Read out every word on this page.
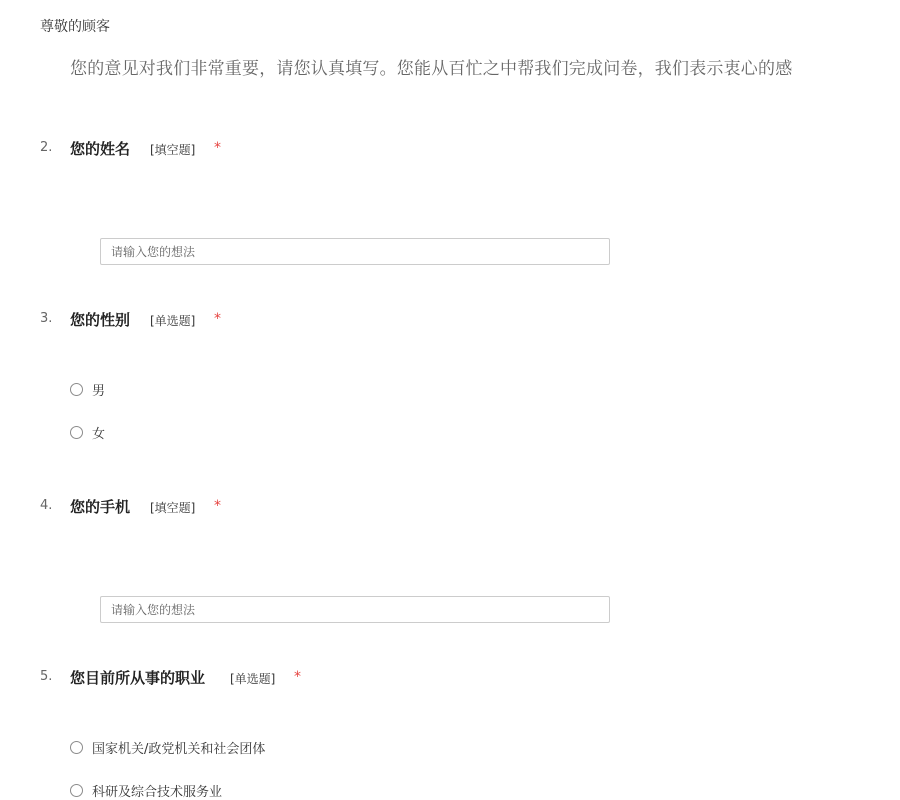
尊敬的顾客
您的意见对我们非常重要，请您认真填写。您能从百忙之中帮我们完成问卷，我们表示衷心的感
2. 您的姓名 [填空题] *
请输入您的想法
3. 您的性别 [单选题] *
男
女
4. 您的手机 [填空题] *
请输入您的想法
5. 您目前所从事的职业 [单选题] *
国家机关/政党机关和社会团体
科研及综合技术服务业
